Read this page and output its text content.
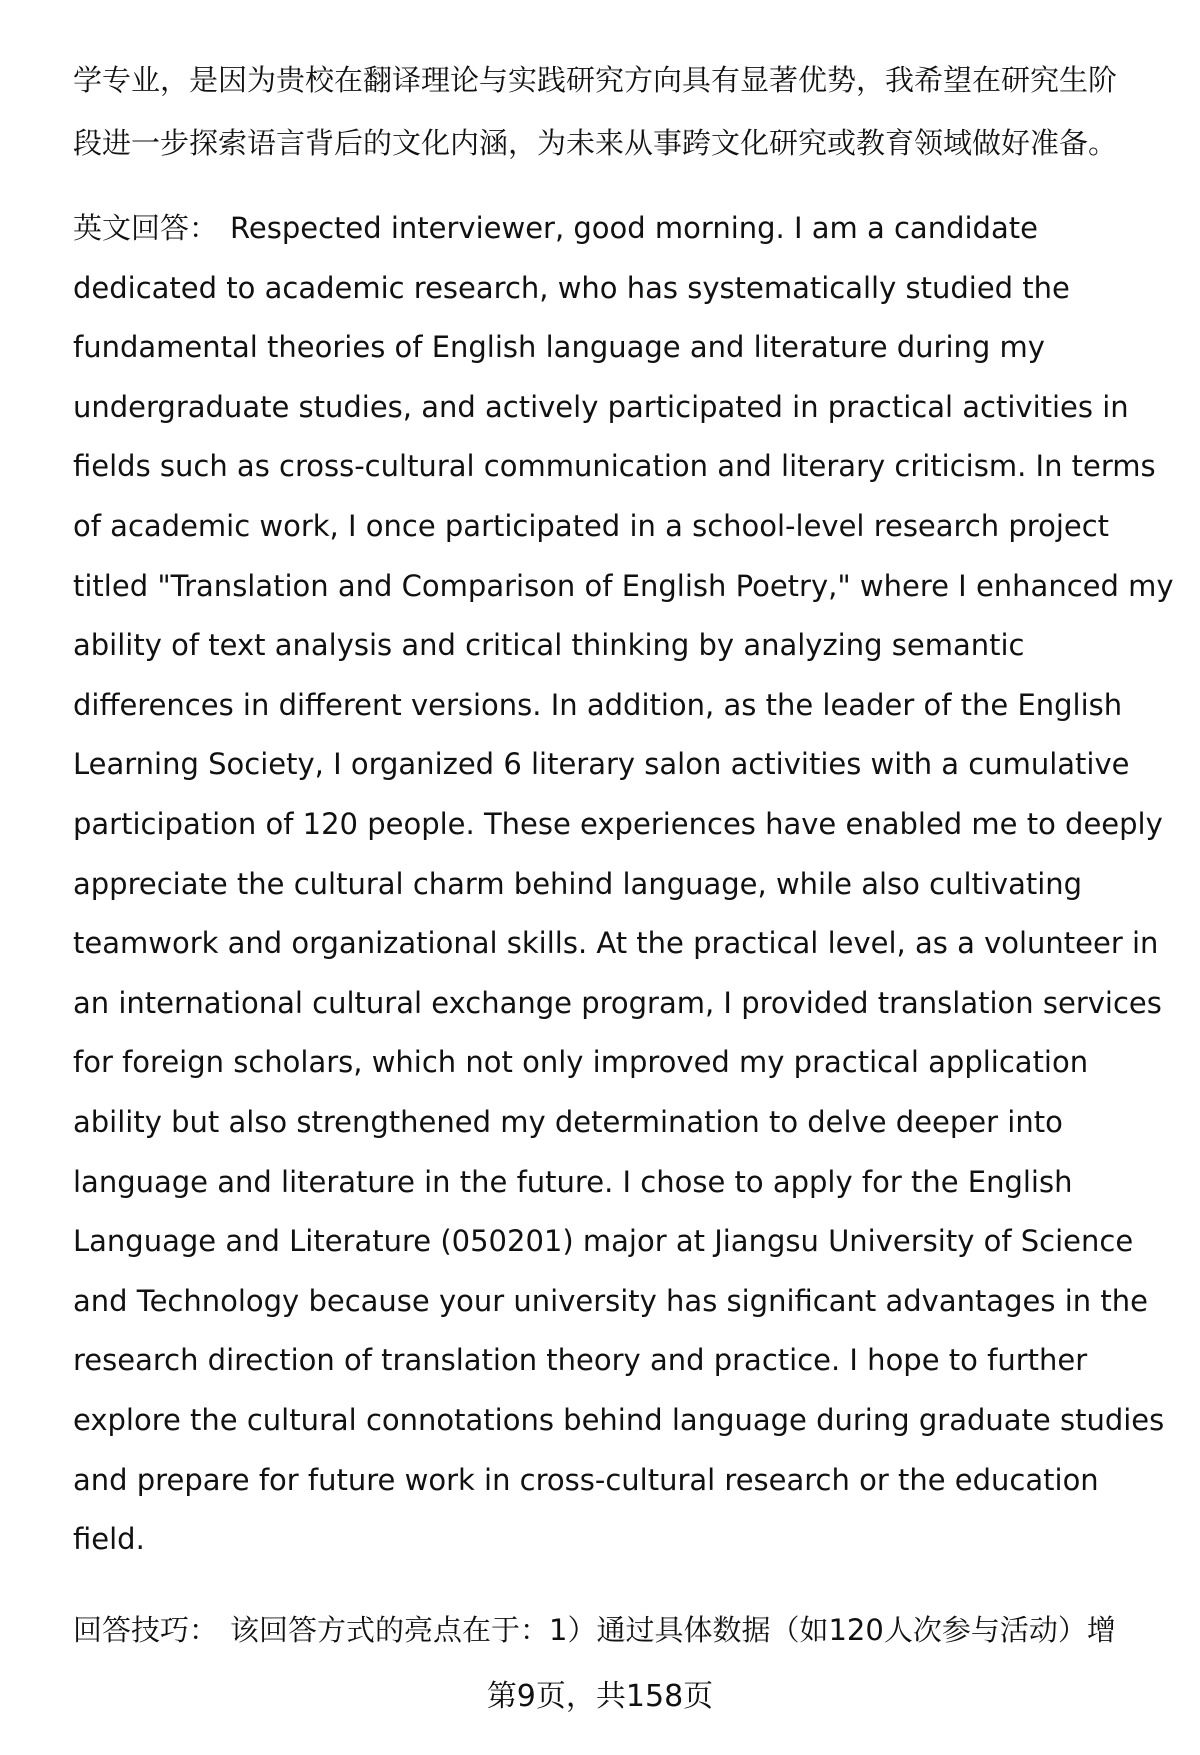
学专业，是因为贵校在翻译理论与实践研究方向具有显著优势，我希望在研究生阶
段进一步探索语言背后的文化内涵，为未来从事跨文化研究或教育领域做好准备。
英文回答： Respected interviewer, good morning. I am a candidate
dedicated to academic research, who has systematically studied the
fundamental theories of English language and literature during my
undergraduate studies, and actively participated in practical activities in
fields such as cross-cultural communication and literary criticism. In terms
of academic work, I once participated in a school-level research project
titled "Translation and Comparison of English Poetry," where I enhanced my
ability of text analysis and critical thinking by analyzing semantic
differences in different versions. In addition, as the leader of the English
Learning Society, I organized 6 literary salon activities with a cumulative
participation of 120 people. These experiences have enabled me to deeply
appreciate the cultural charm behind language, while also cultivating
teamwork and organizational skills. At the practical level, as a volunteer in
an international cultural exchange program, I provided translation services
for foreign scholars, which not only improved my practical application
ability but also strengthened my determination to delve deeper into
language and literature in the future. I chose to apply for the English
Language and Literature (050201) major at Jiangsu University of Science
and Technology because your university has significant advantages in the
research direction of translation theory and practice. I hope to further
explore the cultural connotations behind language during graduate studies
and prepare for future work in cross-cultural research or the education
field.
回答技巧： 该回答方式的亮点在于：1）通过具体数据（如120人次参与活动）增
第9页，共158页
